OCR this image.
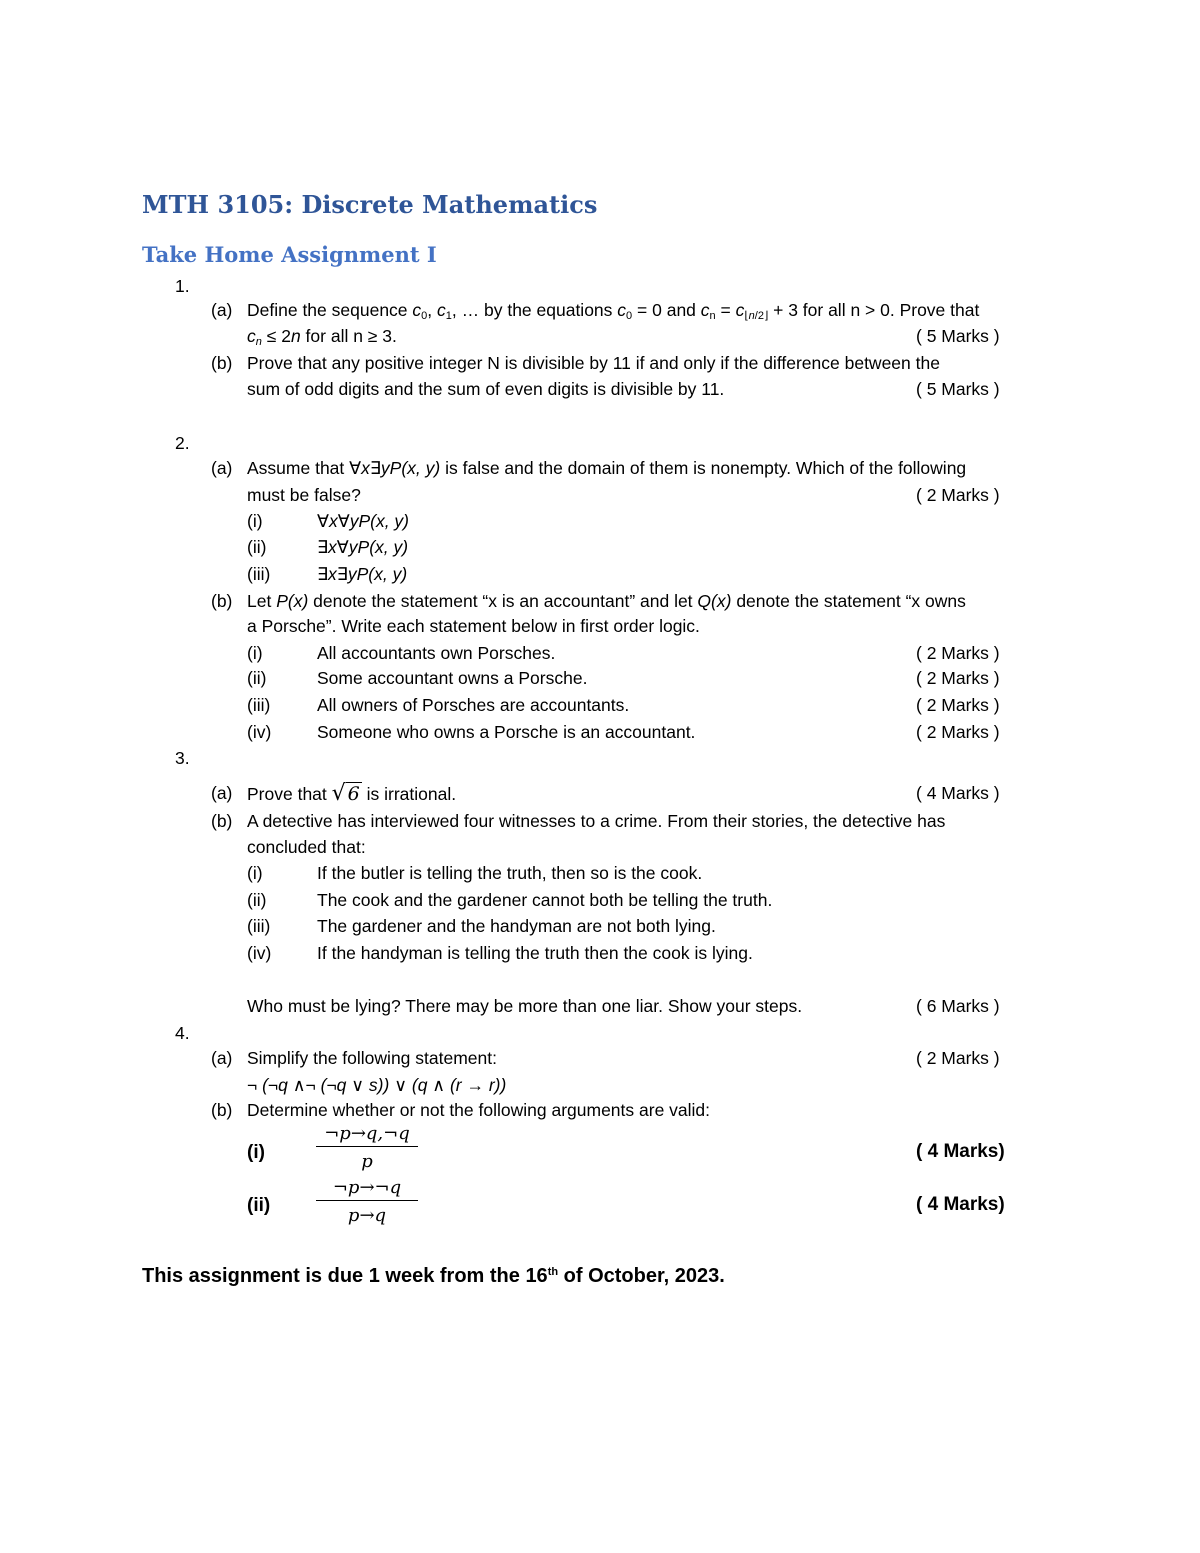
MTH 3105: Discrete Mathematics
Take Home Assignment I
1.
(a) Define the sequence $c_0$, $c_1$, … by the equations $c_0 = 0$ and $c_n = c_{⌊n/2⌋} + 3$ for all n > 0. Prove that
$c_n \le 2n$ for all n ≥ 3.	( 5 Marks )
(b) Prove that any positive integer N is divisible by 11 if and only if the difference between the
sum of odd digits and the sum of even digits is divisible by 11.	( 5 Marks )
2.
(a) Assume that ∀x∃yP(x, y) is false and the domain of them is nonempty. Which of the following
must be false?	( 2 Marks )
(i)	∀x∀yP(x, y)
(ii)	∃x∀yP(x, y)
(iii)	∃x∃yP(x, y)
(b) Let P(x) denote the statement “x is an accountant” and let Q(x) denote the statement “x owns
a Porsche”. Write each statement below in first order logic.
(i)	All accountants own Porsches.	( 2 Marks )
(ii)	Some accountant owns a Porsche.	( 2 Marks )
(iii)	All owners of Porsches are accountants.	( 2 Marks )
(iv)	Someone who owns a Porsche is an accountant.	( 2 Marks )
3.
(a) Prove that √ 6 is irrational.	( 4 Marks )
(b) A detective has interviewed four witnesses to a crime. From their stories, the detective has
concluded that:
(i)	If the butler is telling the truth, then so is the cook.
(ii)	The cook and the gardener cannot both be telling the truth.
(iii)	The gardener and the handyman are not both lying.
(iv)	If the handyman is telling the truth then the cook is lying.
Who must be lying? There may be more than one liar. Show your steps.	( 6 Marks )
4.
(a) Simplify the following statement:	( 2 Marks )
¬ (¬q ∧¬ (¬q ∨ s)) ∨ (q ∧ (r → r))
(b) Determine whether or not the following arguments are valid:
(i)
¬p→q,¬q
p	( 4 Marks)
(ii)
¬p→¬q
p→q
( 4 Marks)
This assignment is due 1 week from the 16th of October, 2023.
